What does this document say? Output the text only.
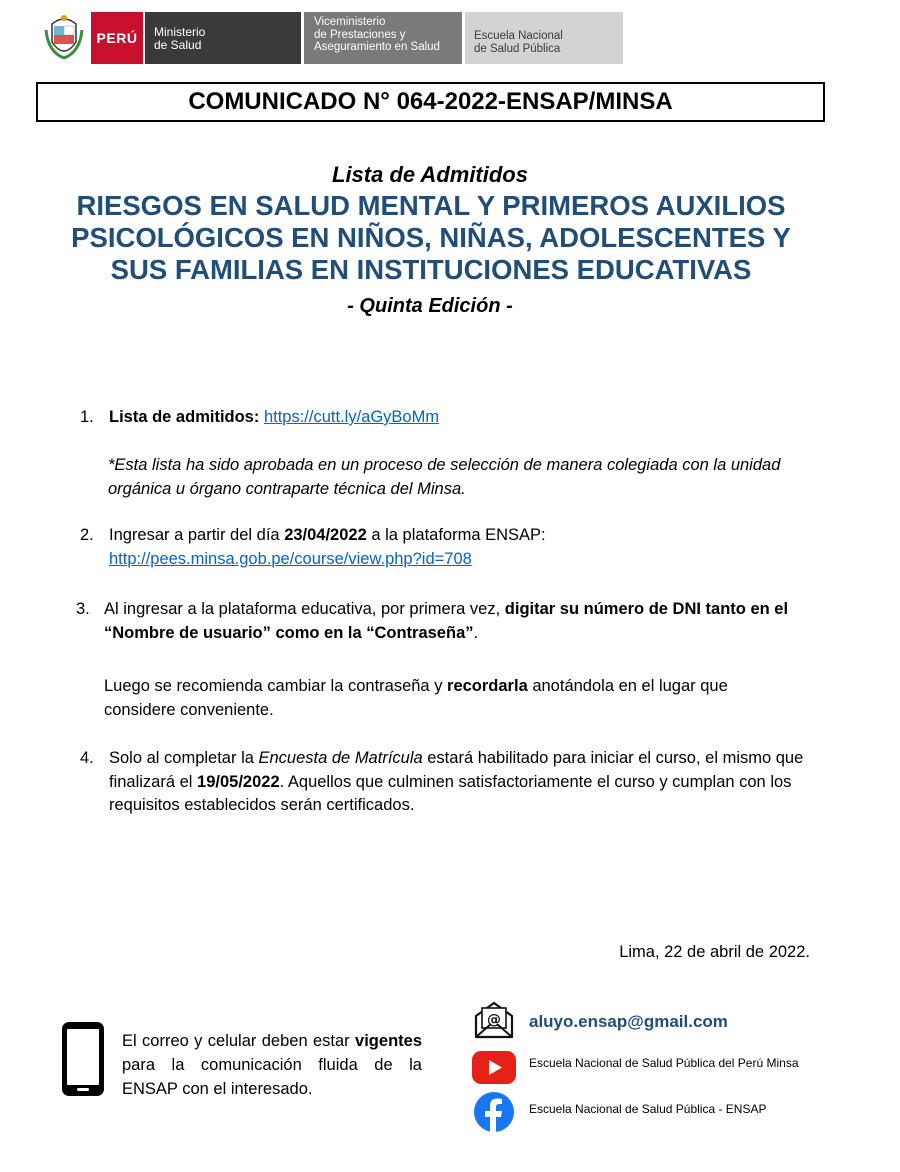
PERÚ	Ministerio
de Salud
Viceministerio
de Prestaciones y
Aseguramiento en Salud
Escuela Nacional
de Salud Pública
COMUNICADO N° 064-2022-ENSAP/MINSA
Lista de Admitidos
RIESGOS EN SALUD MENTAL Y PRIMEROS AUXILIOS
PSICOLÓGICOS EN NIÑOS, NIÑAS, ADOLESCENTES Y
SUS FAMILIAS EN INSTITUCIONES EDUCATIVAS
- Quinta Edición -
1. Lista de admitidos: https://cutt.ly/aGyBoMm
*Esta lista ha sido aprobada en un proceso de selección de manera colegiada con la unidad orgánica u órgano contraparte técnica del Minsa.
2. Ingresar a partir del día 23/04/2022 a la plataforma ENSAP:
http://pees.minsa.gob.pe/course/view.php?id=708
3. Al ingresar a la plataforma educativa, por primera vez, digitar su número de DNI tanto en el “Nombre de usuario” como en la “Contraseña”.
Luego se recomienda cambiar la contraseña y recordarla anotándola en el lugar que considere conveniente.
4. Solo al completar la Encuesta de Matrícula estará habilitado para iniciar el curso, el mismo que finalizará el 19/05/2022. Aquellos que culminen satisfactoriamente el curso y cumplan con los requisitos establecidos serán certificados.
Lima, 22 de abril de 2022.
El correo y celular deben estar vigentes para la comunicación fluida de la ENSAP con el interesado.
@ aluyo.ensap@gmail.com
Escuela Nacional de Salud Pública del Perú Minsa
Escuela Nacional de Salud Pública - ENSAP
